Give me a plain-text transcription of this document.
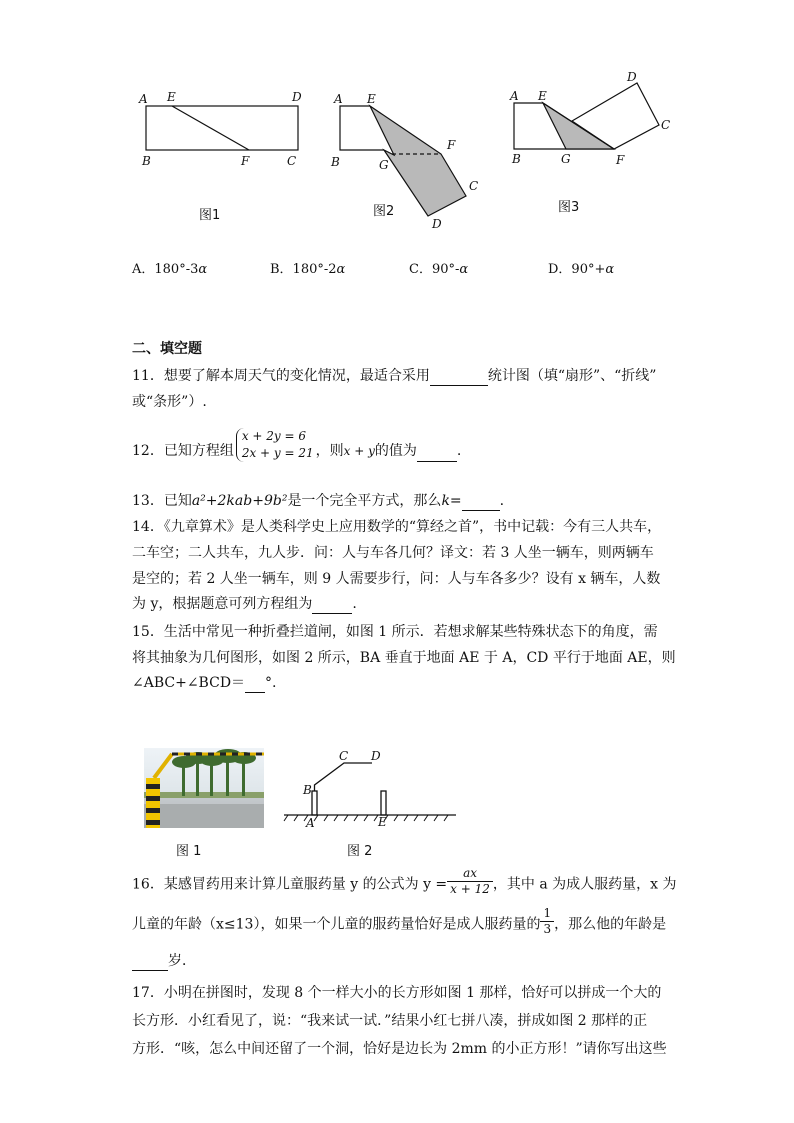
A E	D
B	F	C
图1
A E
B	G
F
C
D
图2
A E
D
C
B	G	F
图3
A．180°-3α	B．180°-2α	C．90°-α	D．90°+α
二、填空题
11．想要了解本周天气的变化情况，最适合采用	统计图（填“扇形”、“折线”
或“条形”）.
12．已知方程组x + 2y = 6
2x + y = 21 ，则x + y的值为	.
13．已知a²+2kab+9b²是一个完全平方式，那么k=	.
14．《九章算术》是人类科学史上应用数学的“算经之首”，书中记载：今有三人共车，
二车空；二人共车，九人步．问：人与车各几何？译文：若 3 人坐一辆车，则两辆车
是空的；若 2 人坐一辆车，则 9 人需要步行，问：人与车各多少？设有 x 辆车，人数
为 y，根据题意可列方程组为	.
15．生活中常见一种折叠拦道闸，如图 1 所示．若想求解某些特殊状态下的角度，需
将其抽象为几何图形，如图 2 所示，BA 垂直于地面 AE 于 A，CD 平行于地面 AE，则
∠ABC+∠BCD＝ °.
C D
B
A	E
图 1	图 2
16．某感冒药用来计算儿童服药量 y 的公式为 $y = \frac{ax}{x + 12}$ ，其中 a 为成人服药量，x 为
儿童的年龄（x≤13），如果一个儿童的服药量恰好是成人服药量的 $\frac{1}{3}$ ，那么他的年龄是
岁．
17．小明在拼图时，发现 8 个一样大小的长方形如图 1 那样，恰好可以拼成一个大的
长方形．小红看见了，说：“我来试一试．”结果小红七拼八凑，拼成如图 2 那样的正
方形．“咳，怎么中间还留了一个洞，恰好是边长为 2mm 的小正方形！”请你写出这些
